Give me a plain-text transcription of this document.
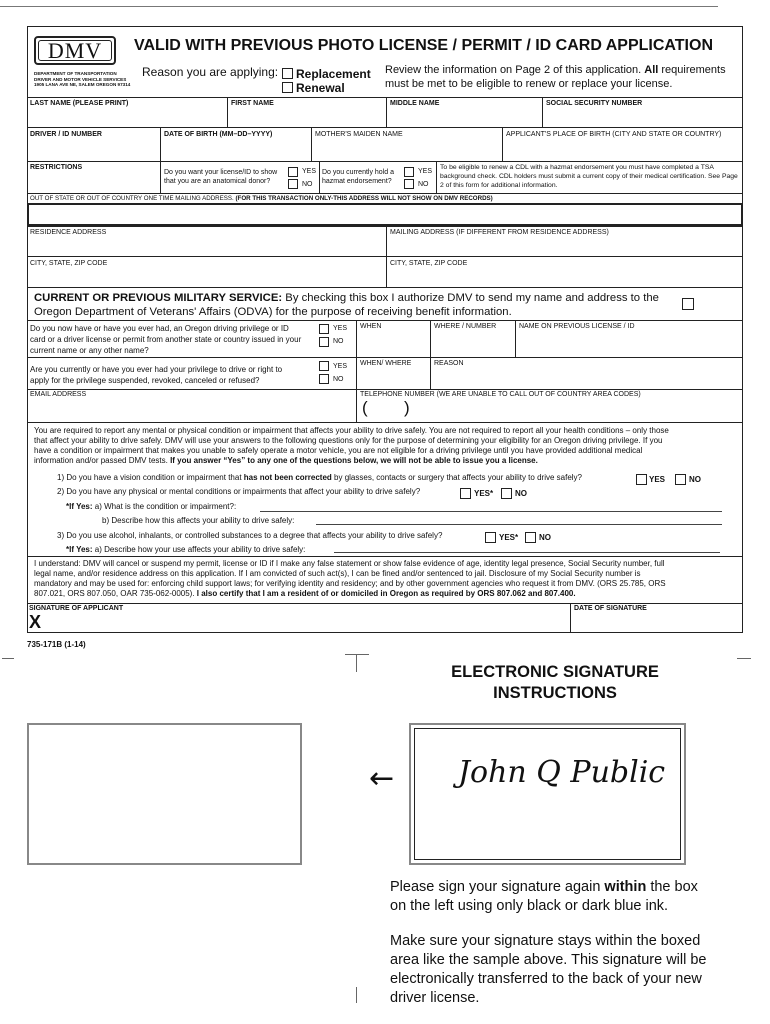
DMV
DEPARTMENT OF TRANSPORTATION
DRIVER AND MOTOR VEHICLE SERVICES
1905 LANA AVE NE, SALEM OREGON 97314
VALID WITH PREVIOUS PHOTO LICENSE / PERMIT / ID CARD APPLICATION
Reason you are applying: Replacement
Renewal
Review the information on Page 2 of this application. All requirements
must be met to be eligible to renew or replace your license.
LAST NAME (PLEASE PRINT)	FIRST NAME	MIDDLE NAME	SOCIAL SECURITY NUMBER
DRIVER / ID NUMBER	DATE OF BIRTH (MM–DD–YYYY)	MOTHER'S MAIDEN NAME	APPLICANT'S PLACE OF BIRTH (CITY AND STATE OR COUNTRY)
RESTRICTIONS
Do you want your license/ID to show
that you are an anatomical donor?
YES
NO
Do you currently hold a
hazmat endorsement?
YES
NO
To be eligible to renew a CDL with a hazmat endorsement you must have completed a TSA background check. CDL holders must submit a current copy of their medical certification. See Page 2 of this form for additional information.
OUT OF STATE OR OUT OF COUNTRY ONE TIME MAILING ADDRESS. (FOR THIS TRANSACTION ONLY-THIS ADDRESS WILL NOT SHOW ON DMV RECORDS)
RESIDENCE ADDRESS	MAILING ADDRESS (IF DIFFERENT FROM RESIDENCE ADDRESS)
CITY, STATE, ZIP CODE	CITY, STATE, ZIP CODE
CURRENT OR PREVIOUS MILITARY SERVICE: By checking this box I authorize DMV to send my name and address to the
Oregon Department of Veterans' Affairs (ODVA) for the purpose of receiving benefit information.
Do you now have or have you ever had, an Oregon driving privilege or ID
card or a driver license or permit from another state or country issued in your
current name or any other name?
YES
NO
WHEN	WHERE / NUMBER	NAME ON PREVIOUS LICENSE / ID
Are you currently or have you ever had your privilege to drive or right to
apply for the privilege suspended, revoked, canceled or refused?
YES
NO
WHEN/ WHERE	REASON
EMAIL ADDRESS	TELEPHONE NUMBER (WE ARE UNABLE TO CALL OUT OF COUNTRY AREA CODES)
( )
You are required to report any mental or physical condition or impairment that affects your ability to drive safely. You are not required to report all your health conditions – only those
that affect your ability to drive safely. DMV will use your answers to the following questions only for the purpose of determining your eligibility for an Oregon driving privilege. If you
have a condition or impairment that makes you unable to safely operate a motor vehicle, you are not eligible for a driving privilege until you have provided additional medical
information and/or passed DMV tests. If you answer “Yes” to any one of the questions below, we will not be able to issue you a license.
1) Do you have a vision condition or impairment that has not been corrected by glasses, contacts or surgery that affects your ability to drive safely?	YES	NO
2) Do you have any physical or mental conditions or impairments that affect your ability to drive safely?	YES*	NO
*If Yes: a) What is the condition or impairment?:
b) Describe how this affects your ability to drive safely:
3) Do you use alcohol, inhalants, or controlled substances to a degree that affects your ability to drive safely?	YES*	NO
*If Yes: a) Describe how your use affects your ability to drive safely:
I understand: DMV will cancel or suspend my permit, license or ID if I make any false statement or show false evidence of age, identity legal presence, Social Security number, full
legal name, and/or residence address on this application. If I am convicted of such act(s), I can be fined and/or sentenced to jail. Disclosure of my Social Security number is
mandatory and may be used for: enforcing child support laws; for verifying identity and residency; and by other government agencies who request it from DMV. (ORS 25.785, ORS
807.021, ORS 807.050, OAR 735-062-0005). I also certify that I am a resident of or domiciled in Oregon as required by ORS 807.062 and 807.400.
SIGNATURE OF APPLICANT
X
DATE OF SIGNATURE
735-171B (1-14)
ELECTRONIC SIGNATURE
INSTRUCTIONS
← John Q Public
Please sign your signature again within the box
on the left using only black or dark blue ink.
Make sure your signature stays within the boxed
area like the sample above. This signature will be
electronically transferred to the back of your new
driver license.
